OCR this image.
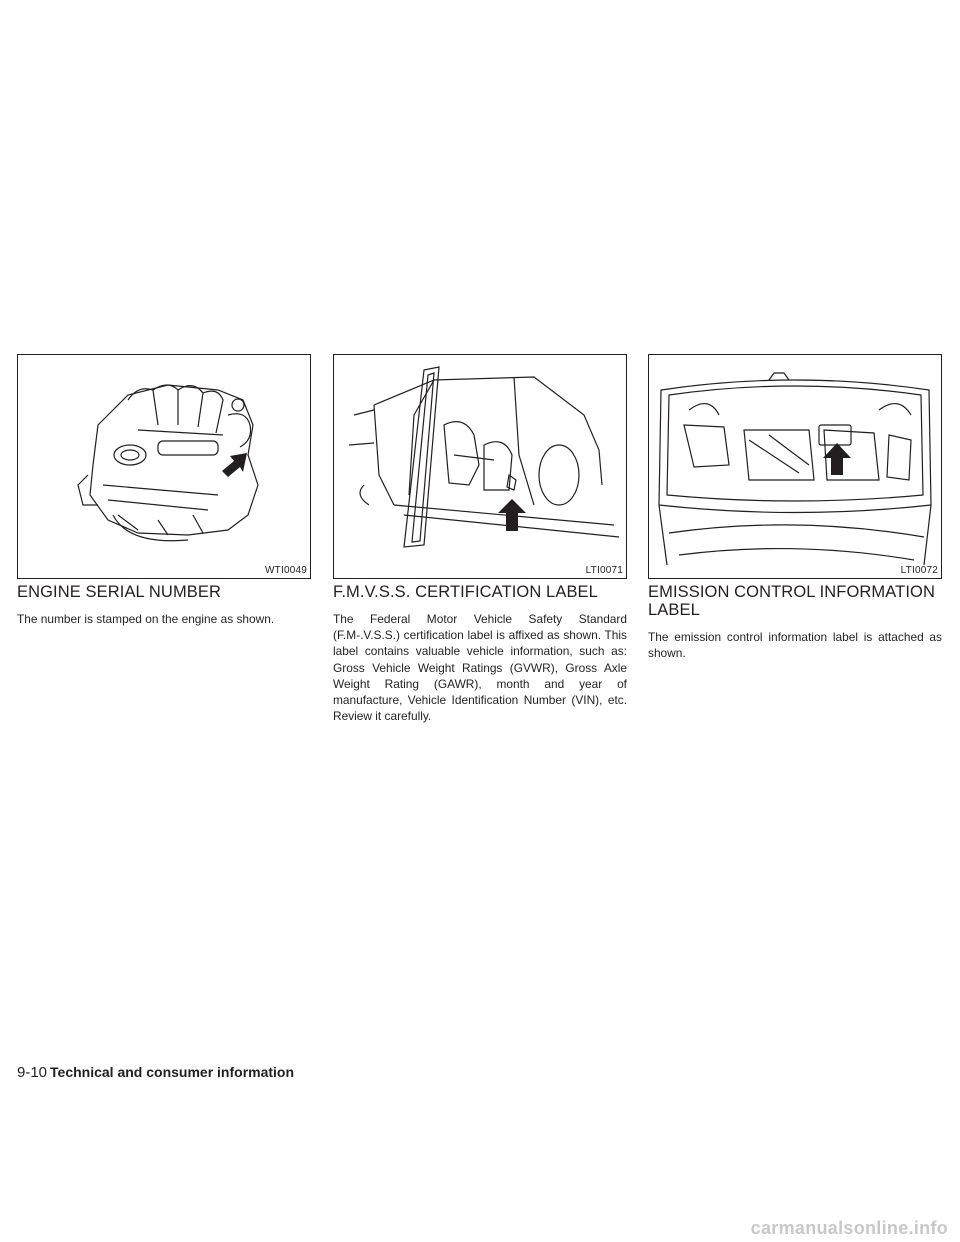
WTI0049
ENGINE SERIAL NUMBER

The number is stamped on the engine as shown.

LTI0071
F.M.V.S.S. CERTIFICATION LABEL

The Federal Motor Vehicle Safety Standard (F.M-.V.S.S.) certification label is affixed as shown. This label contains valuable vehicle information, such as: Gross Vehicle Weight Ratings (GVWR), Gross Axle Weight Rating (GAWR), month and year of manufacture, Vehicle Identification Number (VIN), etc. Review it carefully.

LTI0072
EMISSION CONTROL INFORMATION LABEL

The emission control information label is attached as shown.

9-10 Technical and consumer information
carmanualsonline.info
